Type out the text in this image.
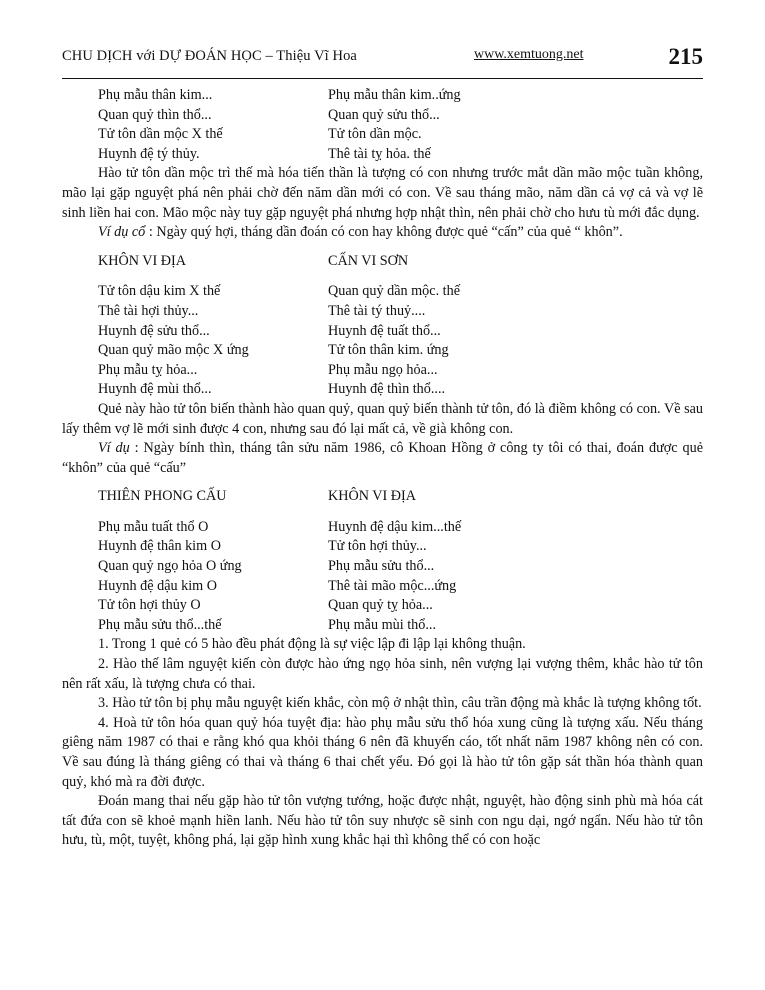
CHU DỊCH với DỰ ĐOÁN HỌC – Thiệu Vĩ Hoa	www.xemtuong.net	215
Phụ mẫu thân kim...	Phụ mẫu thân kim..ứng
Quan quỷ thìn thổ...	Quan quỷ sửu thổ...
Tử tôn dần mộc X thế	Tử tôn dần mộc.
Huynh đệ tý thủy.	Thê tài tỵ hỏa. thế

Hào tử tôn dần mộc trì thế mà hóa tiến thần là tượng có con nhưng trước mắt dần mão mộc tuần không, mão lại gặp nguyệt phá nên phải chờ đến năm dần mới có con. Về sau tháng mão, năm dần cả vợ cả và vợ lẽ sinh liền hai con. Mão mộc này tuy gặp nguyệt phá nhưng hợp nhật thìn, nên phải chờ cho hưu tù mới đắc dụng.

Ví dụ cổ : Ngày quý hợi, tháng dần đoán có con hay không được quẻ “cấn” của quẻ “ khôn”.

KHÔN VI ĐỊA	CẤN VI SƠN
Tử tôn dậu kim X thế	Quan quỷ dần mộc. thế
Thê tài hợi thủy...	Thê tài tý thuỷ....
Huynh đệ sửu thổ...	Huynh đệ tuất thổ...
Quan quỷ mão mộc X ứng	Tử tôn thân kim. ứng
Phụ mẫu tỵ hỏa...	Phụ mẫu ngọ hỏa...
Huynh đệ mùi thổ...	Huynh đệ thìn thổ....

Quẻ này hào tử tôn biến thành hào quan quỷ, quan quỷ biến thành tử tôn, đó là điềm không có con. Về sau lấy thêm vợ lẽ mới sinh được 4 con, nhưng sau đó lại mất cả, về già không con.

Ví dụ : Ngày bính thìn, tháng tân sửu năm 1986, cô Khoan Hồng ở công ty tôi có thai, đoán được quẻ “khôn” của quẻ “cấu”

THIÊN PHONG CẤU	KHÔN VI ĐỊA
Phụ mẫu tuất thổ O	Huynh đệ dậu kim...thế
Huynh đệ thân kim O	Tử tôn hợi thủy...
Quan quỷ ngọ hỏa O ứng	Phụ mẫu sửu thổ...
Huynh đệ dậu kim O	Thê tài mão mộc...ứng
Tử tôn hợi thủy O	Quan quỷ tỵ hỏa...
Phụ mẫu sửu thổ...thế	Phụ mẫu mùi thổ...

1. Trong 1 quẻ có 5 hào đều phát động là sự việc lập đi lập lại không thuận.

2. Hào thế lâm nguyệt kiến còn được hào ứng ngọ hỏa sinh, nên vượng lại vượng thêm, khắc hào tử tôn nên rất xấu, là tượng chưa có thai.

3. Hào tử tôn bị phụ mẫu nguyệt kiến khắc, còn mộ ở nhật thìn, câu trần động mà khắc là tượng không tốt.

4. Hoà tử tôn hóa quan quỷ hóa tuyệt địa: hào phụ mẫu sửu thổ hóa xung cũng là tượng xấu. Nếu tháng giêng năm 1987 có thai e rằng khó qua khỏi tháng 6 nên đã khuyến cáo, tốt nhất năm 1987 không nên có con. Về sau đúng là tháng giêng có thai và tháng 6 thai chết yểu. Đó gọi là hào tử tôn gặp sát thần hóa thành quan quỷ, khó mà ra đời được.

Đoán mang thai nếu gặp hào tử tôn vượng tướng, hoặc được nhật, nguyệt, hào động sinh phù mà hóa cát tất đứa con sẽ khoẻ mạnh hiền lanh. Nếu hào tử tôn suy nhược sẽ sinh con ngu dại, ngớ ngẩn. Nếu hào tử tôn hưu, tù, một, tuyệt, không phá, lại gặp hình xung khắc hại thì không thể có con hoặc
